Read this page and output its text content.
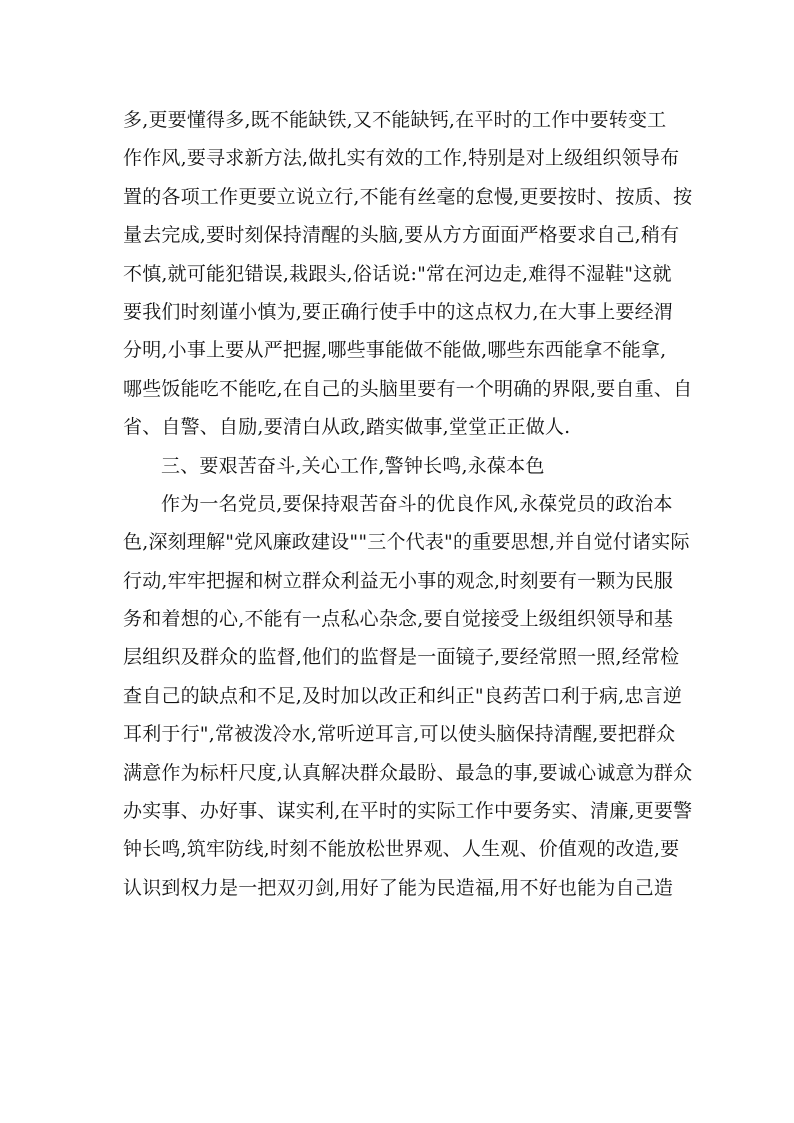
多,更要懂得多,既不能缺铁,又不能缺钙,在平时的工作中要转变工
作作风,要寻求新方法,做扎实有效的工作,特别是对上级组织领导布
置的各项工作更要立说立行,不能有丝毫的怠慢,更要按时、按质、按
量去完成,要时刻保持清醒的头脑,要从方方面面严格要求自己,稍有
不慎,就可能犯错误,栽跟头,俗话说:"常在河边走,难得不湿鞋"这就
要我们时刻谨小慎为,要正确行使手中的这点权力,在大事上要经渭
分明,小事上要从严把握,哪些事能做不能做,哪些东西能拿不能拿,
哪些饭能吃不能吃,在自己的头脑里要有一个明确的界限,要自重、自
省、自警、自励,要清白从政,踏实做事,堂堂正正做人.
三、要艰苦奋斗,关心工作,警钟长鸣,永葆本色
作为一名党员,要保持艰苦奋斗的优良作风,永葆党员的政治本
色,深刻理解"党风廉政建设""三个代表"的重要思想,并自觉付诸实际
行动,牢牢把握和树立群众利益无小事的观念,时刻要有一颗为民服
务和着想的心,不能有一点私心杂念,要自觉接受上级组织领导和基
层组织及群众的监督,他们的监督是一面镜子,要经常照一照,经常检
查自己的缺点和不足,及时加以改正和纠正"良药苦口利于病,忠言逆
耳利于行",常被泼冷水,常听逆耳言,可以使头脑保持清醒,要把群众
满意作为标杆尺度,认真解决群众最盼、最急的事,要诚心诚意为群众
办实事、办好事、谋实利,在平时的实际工作中要务实、清廉,更要警
钟长鸣,筑牢防线,时刻不能放松世界观、人生观、价值观的改造,要
认识到权力是一把双刃剑,用好了能为民造福,用不好也能为自己造
